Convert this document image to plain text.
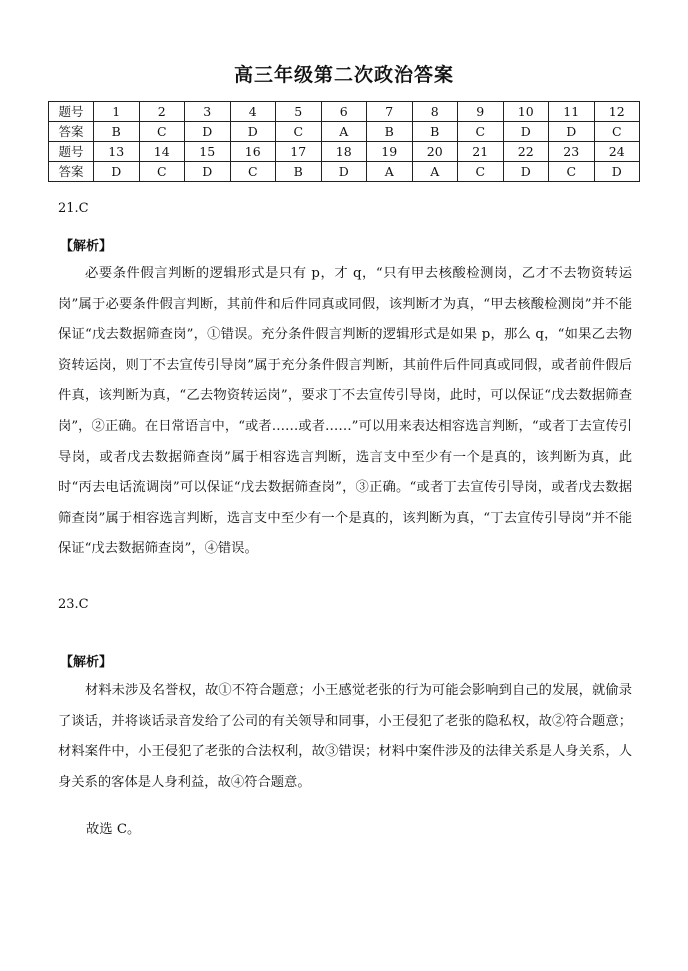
高三年级第二次政治答案
题号	1	2	3	4	5	6	7	8	9	10	11	12
答案	B	C	D	D	C	A	B	B	C	D	D	C
题号	13	14	15	16	17	18	19	20	21	22	23	24
答案	D	C	D	C	B	D	A	A	C	D	C	D
21.C
【解析】

必要条件假言判断的逻辑形式是只有 p，才 q，“只有甲去核酸检测岗，乙才不去物资转运岗”属于必要条件假言判断，其前件和后件同真或同假，该判断才为真，“甲去核酸检测岗”并不能保证“戊去数据筛查岗”，①错误。充分条件假言判断的逻辑形式是如果 p，那么 q，“如果乙去物资转运岗，则丁不去宣传引导岗”属于充分条件假言判断，其前件后件同真或同假，或者前件假后件真，该判断为真，“乙去物资转运岗”，要求丁不去宣传引导岗，此时，可以保证“戊去数据筛查岗”，②正确。在日常语言中，“或者……或者……”可以用来表达相容选言判断，“或者丁去宣传引导岗，或者戊去数据筛查岗”属于相容选言判断，选言支中至少有一个是真的，该判断为真，此时“丙去电话流调岗”可以保证“戊去数据筛查岗”，③正确。“或者丁去宣传引导岗，或者戊去数据筛查岗”属于相容选言判断，选言支中至少有一个是真的，该判断为真，“丁去宣传引导岗”并不能保证“戊去数据筛查岗”，④错误。

23.C
【解析】

材料未涉及名誉权，故①不符合题意；小王感觉老张的行为可能会影响到自己的发展，就偷录了谈话，并将谈话录音发给了公司的有关领导和同事，小王侵犯了老张的隐私权，故②符合题意；材料案件中，小王侵犯了老张的合法权利，故③错误；材料中案件涉及的法律关系是人身关系，人身关系的客体是人身利益，故④符合题意。

故选 C。
